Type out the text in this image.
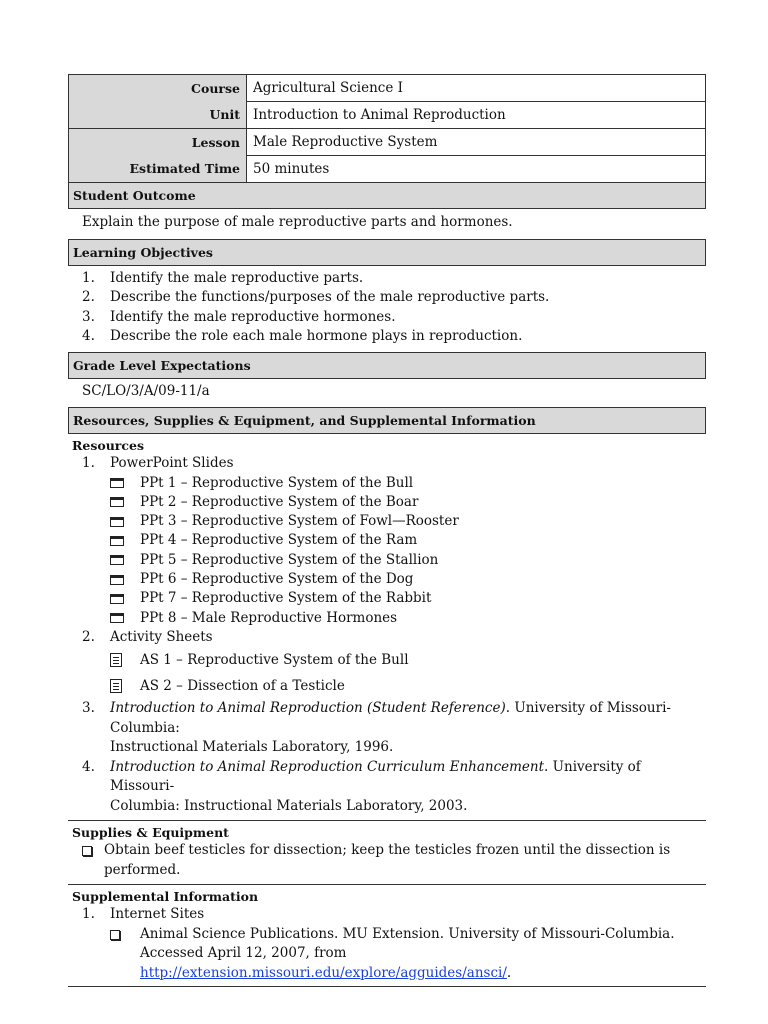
Course	Agricultural Science I
Unit	Introduction to Animal Reproduction
Lesson	Male Reproductive System
Estimated Time	50 minutes
Student Outcome
Explain the purpose of male reproductive parts and hormones.
Learning Objectives
1.	Identify the male reproductive parts.
2.	Describe the functions/purposes of the male reproductive parts.
3.	Identify the male reproductive hormones.
4.	Describe the role each male hormone plays in reproduction.
Grade Level Expectations
SC/LO/3/A/09-11/a
Resources, Supplies & Equipment, and Supplemental Information
Resources
1.	PowerPoint Slides
PPt 1 – Reproductive System of the Bull
PPt 2 – Reproductive System of the Boar
PPt 3 – Reproductive System of Fowl—Rooster
PPt 4 – Reproductive System of the Ram
PPt 5 – Reproductive System of the Stallion
PPt 6 – Reproductive System of the Dog
PPt 7 – Reproductive System of the Rabbit
PPt 8 – Male Reproductive Hormones
2.	Activity Sheets
AS 1 – Reproductive System of the Bull
AS 2 – Dissection of a Testicle
3.	Introduction to Animal Reproduction (Student Reference). University of Missouri-Columbia:
Instructional Materials Laboratory, 1996.
4.	Introduction to Animal Reproduction Curriculum Enhancement. University of Missouri-
Columbia: Instructional Materials Laboratory, 2003.
Supplies & Equipment
Obtain beef testicles for dissection; keep the testicles frozen until the dissection is
performed.
Supplemental Information
1.	Internet Sites
Animal Science Publications. MU Extension. University of Missouri-Columbia.
Accessed April 12, 2007, from
http://extension.missouri.edu/explore/agguides/ansci/.
